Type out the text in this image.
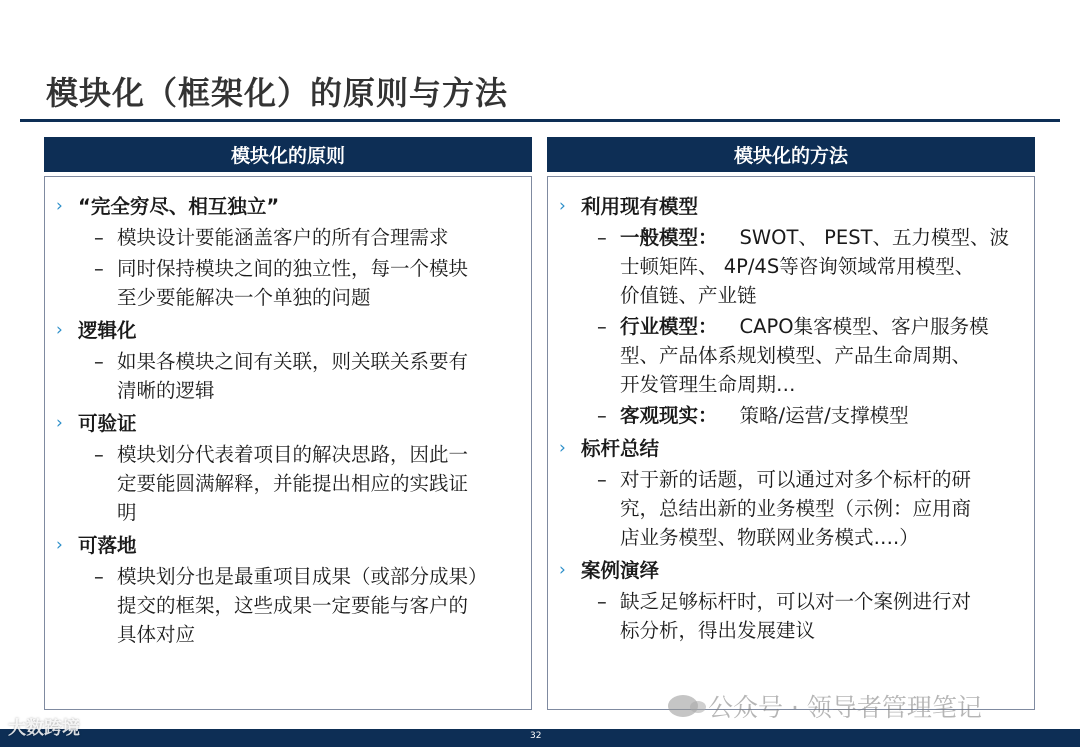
模块化（框架化）的原则与方法
模块化的原则	模块化的方法
› “完全穷尽、相互独立”
– 模块设计要能涵盖客户的所有合理需求
– 同时保持模块之间的独立性，每一个模块
至少要能解决一个单独的问题
› 逻辑化
– 如果各模块之间有关联，则关联关系要有
清晰的逻辑
› 可验证
– 模块划分代表着项目的解决思路，因此一
定要能圆满解释，并能提出相应的实践证
明
› 可落地
– 模块划分也是最重项目成果（或部分成果）
提交的框架，这些成果一定要能与客户的
具体对应
› 利用现有模型
– 一般模型： SWOT、 PEST、五力模型、波
士顿矩阵、 4P/4S等咨询领域常用模型、
价值链、产业链
– 行业模型： CAPO集客模型、客户服务模
型、产品体系规划模型、产品生命周期、
开发管理生命周期…
– 客观现实： 策略/运营/支撑模型
› 标杆总结
– 对于新的话题，可以通过对多个标杆的研
究，总结出新的业务模型（示例：应用商
店业务模型、物联网业务模式….）
› 案例演绎
– 缺乏足够标杆时，可以对一个案例进行对
标分析，得出发展建议
32
大数跨境
公众号 · 领导者管理笔记
